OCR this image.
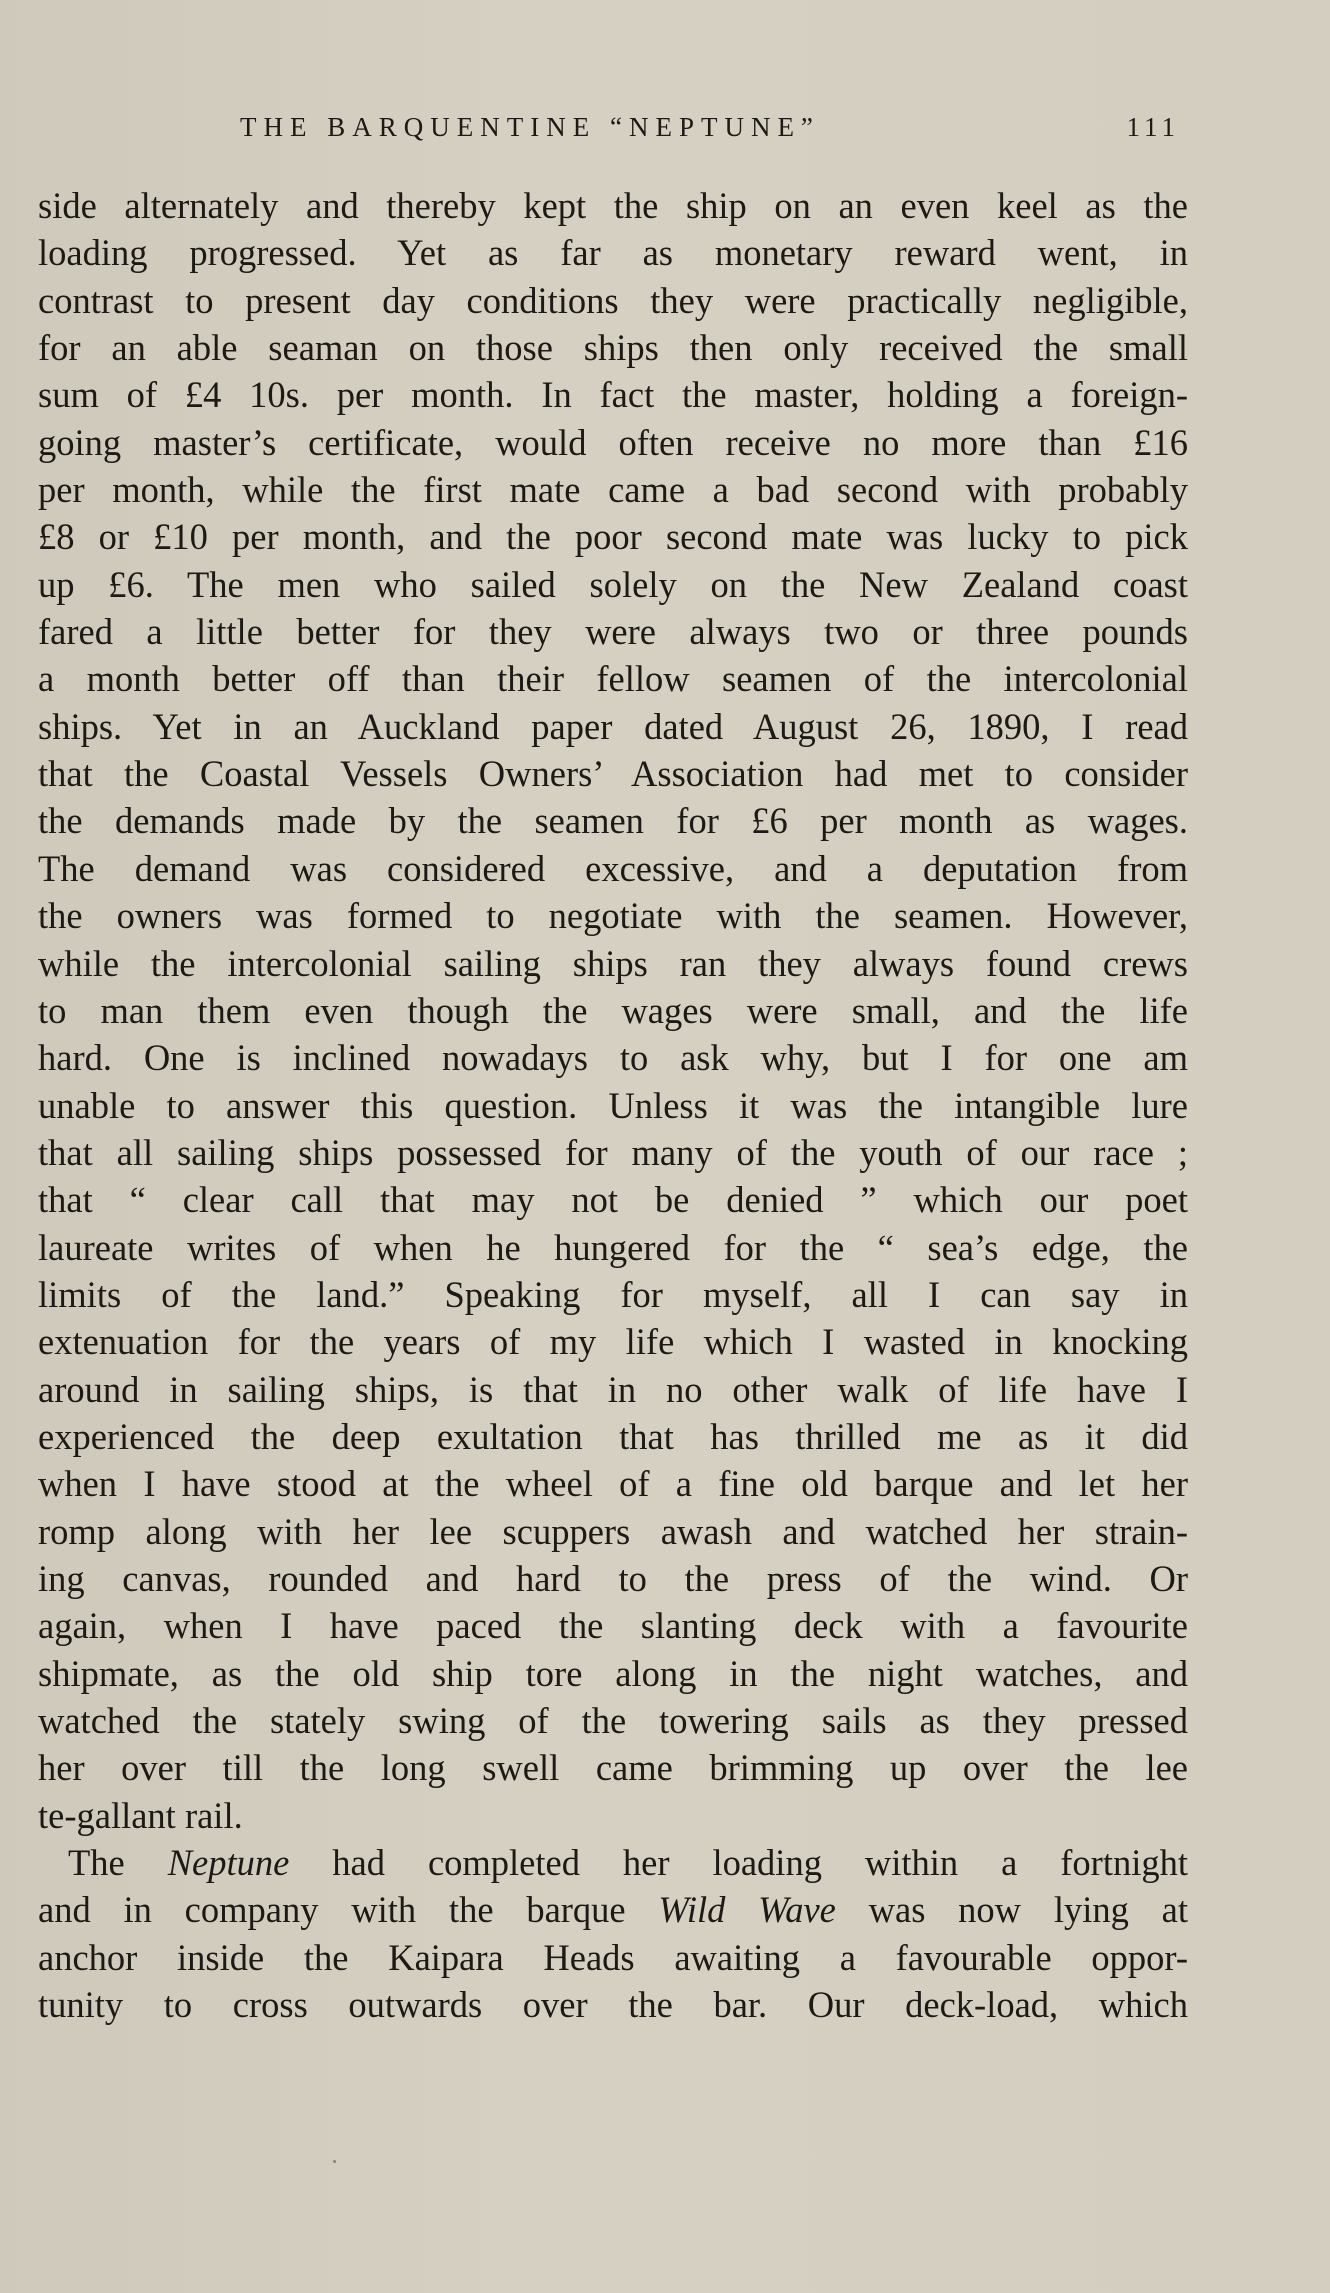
THE BARQUENTINE “NEPTUNE”	111
side alternately and thereby kept the ship on an even keel as the
loading progressed. Yet as far as monetary reward went, in
contrast to present day conditions they were practically negligible,
for an able seaman on those ships then only received the small
sum of £4 10s. per month. In fact the master, holding a foreign-
going master’s certificate, would often receive no more than £16
per month, while the first mate came a bad second with probably
£8 or £10 per month, and the poor second mate was lucky to pick
up £6. The men who sailed solely on the New Zealand coast
fared a little better for they were always two or three pounds
a month better off than their fellow seamen of the intercolonial
ships. Yet in an Auckland paper dated August 26, 1890, I read
that the Coastal Vessels Owners’ Association had met to consider
the demands made by the seamen for £6 per month as wages.
The demand was considered excessive, and a deputation from
the owners was formed to negotiate with the seamen. However,
while the intercolonial sailing ships ran they always found crews
to man them even though the wages were small, and the life
hard. One is inclined nowadays to ask why, but I for one am
unable to answer this question. Unless it was the intangible lure
that all sailing ships possessed for many of the youth of our race ;
that “ clear call that may not be denied ” which our poet
laureate writes of when he hungered for the “ sea’s edge, the
limits of the land.” Speaking for myself, all I can say in
extenuation for the years of my life which I wasted in knocking
around in sailing ships, is that in no other walk of life have I
experienced the deep exultation that has thrilled me as it did
when I have stood at the wheel of a fine old barque and let her
romp along with her lee scuppers awash and watched her strain-
ing canvas, rounded and hard to the press of the wind. Or
again, when I have paced the slanting deck with a favourite
shipmate, as the old ship tore along in the night watches, and
watched the stately swing of the towering sails as they pressed
her over till the long swell came brimming up over the lee
te-gallant rail.
The Neptune had completed her loading within a fortnight
and in company with the barque Wild Wave was now lying at
anchor inside the Kaipara Heads awaiting a favourable oppor-
tunity to cross outwards over the bar. Our deck-load, which
